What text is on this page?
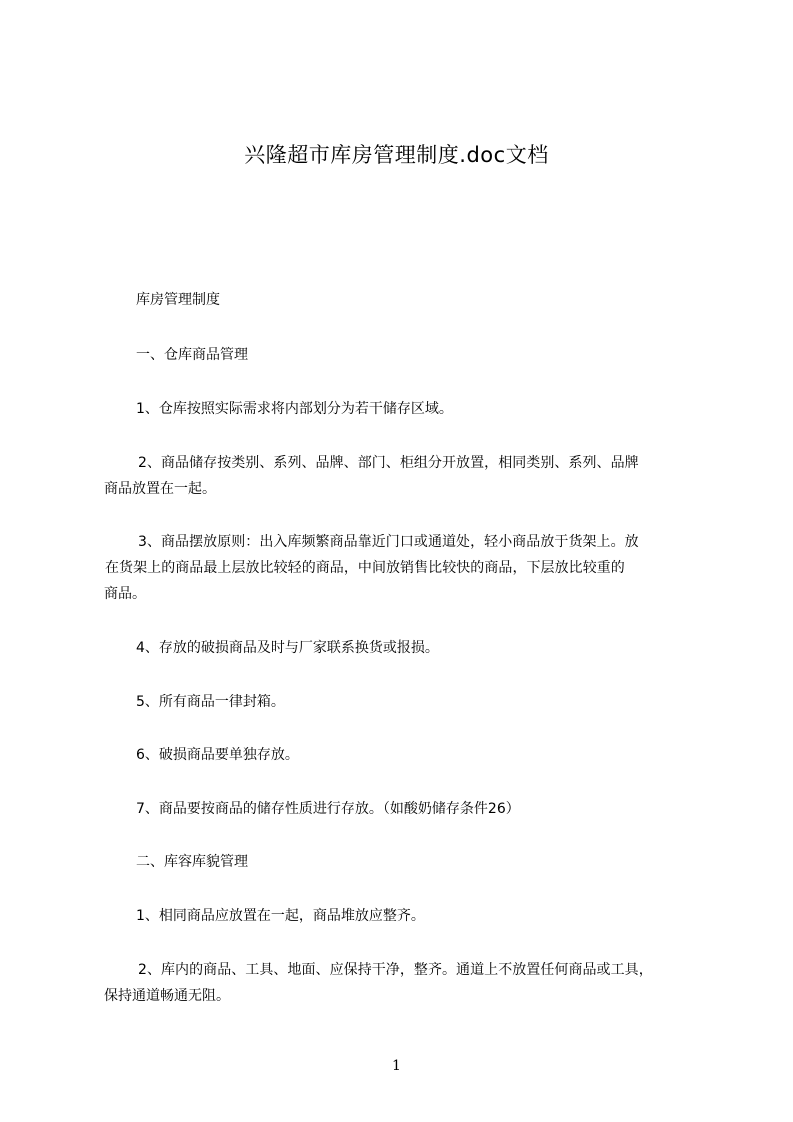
兴隆超市库房管理制度.doc文档
库房管理制度
一、仓库商品管理
1、仓库按照实际需求将内部划分为若干储存区域。
2、商品储存按类别、系列、品牌、部门、柜组分开放置，相同类别、系列、品牌
商品放置在一起。
3、商品摆放原则：出入库频繁商品靠近门口或通道处，轻小商品放于货架上。放
在货架上的商品最上层放比较轻的商品，中间放销售比较快的商品，下层放比较重的
商品。
4、存放的破损商品及时与厂家联系换货或报损。
5、所有商品一律封箱。
6、破损商品要单独存放。
7、商品要按商品的储存性质进行存放。（如酸奶储存条件26）
二、库容库貌管理
1、相同商品应放置在一起，商品堆放应整齐。
2、库内的商品、工具、地面、应保持干净，整齐。通道上不放置任何商品或工具，
保持通道畅通无阻。
1
